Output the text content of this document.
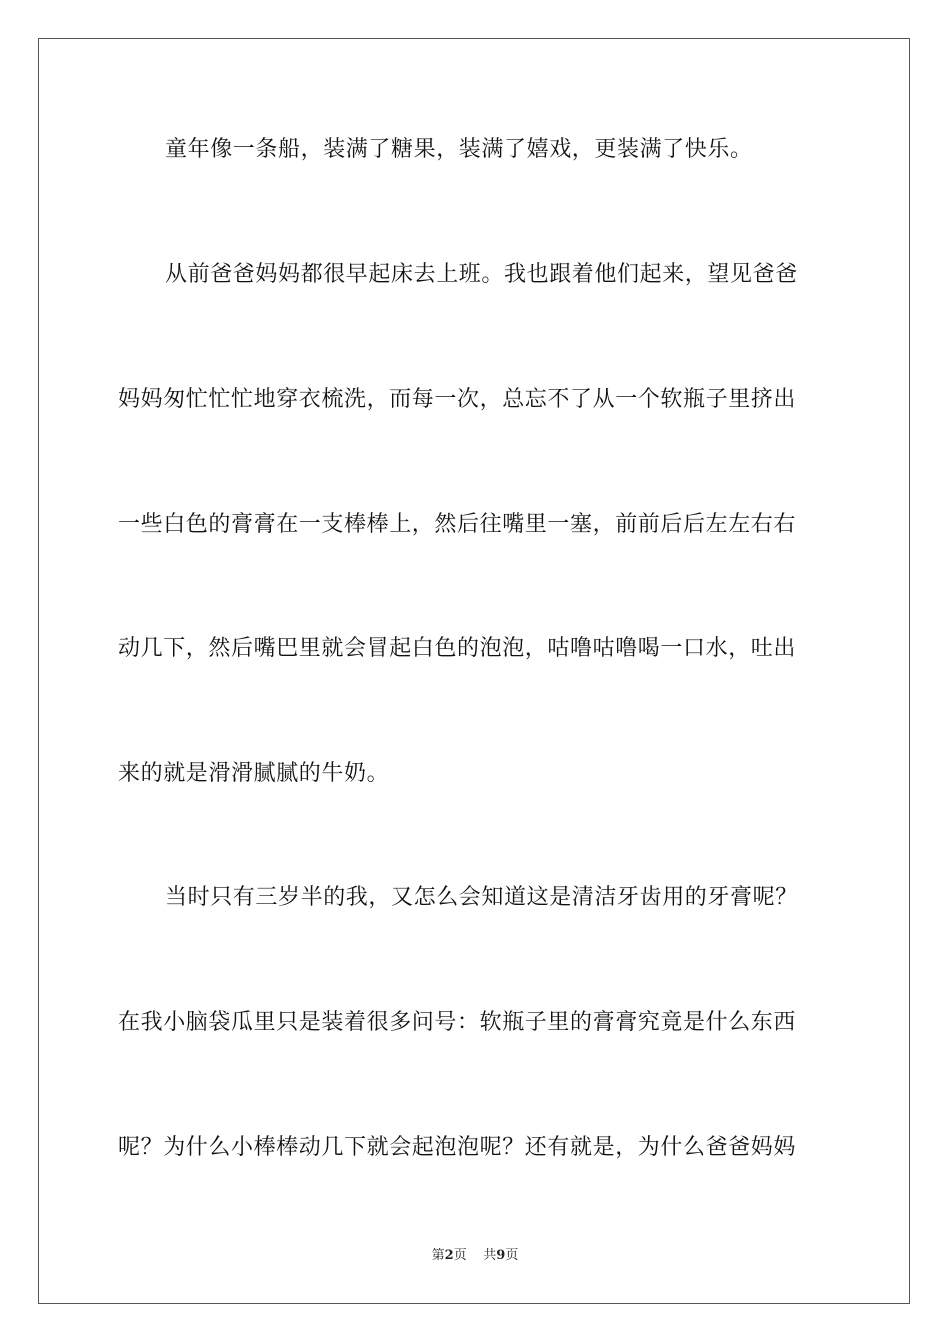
童年像一条船，装满了糖果，装满了嬉戏，更装满了快乐。
从前爸爸妈妈都很早起床去上班。我也跟着他们起来，望见爸爸
妈妈匆忙忙忙地穿衣梳洗，而每一次，总忘不了从一个软瓶子里挤出
一些白色的膏膏在一支棒棒上，然后往嘴里一塞，前前后后左左右右
动几下，然后嘴巴里就会冒起白色的泡泡，咕噜咕噜喝一口水，吐出
来的就是滑滑腻腻的牛奶。
当时只有三岁半的我，又怎么会知道这是清洁牙齿用的牙膏呢？
在我小脑袋瓜里只是装着很多问号：软瓶子里的膏膏究竟是什么东西
呢？为什么小棒棒动几下就会起泡泡呢？还有就是，为什么爸爸妈妈
第2页 共9页
